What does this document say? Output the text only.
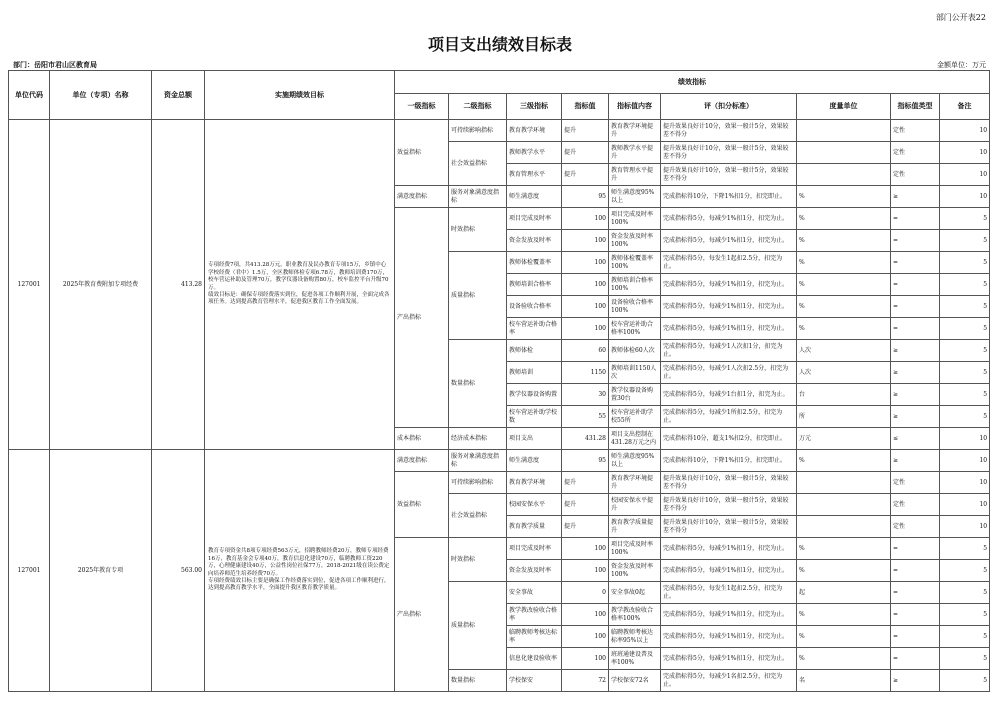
部门公开表22
项目支出绩效目标表
部门：岳阳市君山区教育局	金额单位：万元
单位代码	单位（专项）名称	资金总额	实施期绩效目标	绩效指标								
				一级指标	二级指标	三级指标	指标值	指标值内容	评（扣分标准）	度量单位	指标值类型	备注
127001	2025年教育费附加专项经费	413.28	专项经费7项，共413.28万元。职业教育及民办教育专项15万，乡镇中心学校经费（君中）1.5万，全区教师体检专项6.78万，教师培训费170万，校车营运补助及管理70万，教学仪器设备购置80万，校车监控平台升级70万。
绩效目标是：确保专项经费落实到位，促进各项工作顺利开展，全面完成各项任务。达到提高教育管理水平，促进我区教育工作全面发展。	效益指标	可持续影响指标	教育教学环境	提升	教育教学环境提升	提升效果良好计10分，效果一般计5分，效果较差不得分		定性	10
					社会效益指标	教师教学水平	提升	教师教学水平提升	提升效果良好计10分，效果一般计5分，效果较差不得分		定性	10
						教育管理水平	提升	教育管理水平提升	提升效果良好计10分，效果一般计5分，效果较差不得分		定性	10
				满意度指标	服务对象满意度指标	师生满意度	95	师生满意度95%以上	完成指标得10分，下降1%扣1分，扣完即止。	%	≥	10
				产出指标	时效指标	项目完成及时率	100	项目完成及时率100%	完成指标得5分，每减少1%扣1分，扣完为止。	%	=	5
						资金发放及时率	100	资金发放及时率100%	完成指标得5分，每减少1%扣1分，扣完为止。	%	=	5
					质量指标	教师体检覆盖率	100	教师体检覆盖率100%	完成指标得5分，每发生1起扣2.5分，扣完为止。	%	=	5
						教师培训合格率	100	教师培训合格率100%	完成指标得5分，每减少1%扣1分，扣完为止。	%	=	5
						设备验收合格率	100	设备验收合格率100%	完成指标得5分，每减少1%扣1分，扣完为止。	%	=	5
						校车营运补助合格率	100	校车营运补助合格率100%	完成指标得5分，每减少1%扣1分，扣完为止。	%	=	5
					数量指标	教师体检	60	教师体检60人次	完成指标得5分，每减少1人次扣1分，扣完为止。	人次	≥	5
						教师培训	1150	教师培训1150人次	完成指标得5分，每减少1人次扣2.5分，扣完为止。	人次	≥	5
						教学仪器设备购置	30	教学仪器设备购置30台	完成指标得5分，每减少1台扣1分，扣完为止。	台	≥	5
						校车营运补助学校数	55	校车营运补助学校55所	完成指标得5分，每减少1所扣2.5分，扣完为止。	所	≥	5
				成本指标	经济成本指标	项目支出	431.28	项目支出控制在431.28万元之内	完成指标得10分，超支1%扣2分，扣完即止。	万元	≤	10
127001	2025年教育专项	563.00	教育专项资金共8项专项经费563万元，招聘教师经费20万，教师专项经费16万，教育基金会专项40万，教育信息化建设70万，临聘教师工资220万，心理健康建设40万，公益性岗位社保77万，2018-2021级在读公费定向培养师范生培养经费70万。
专项经费绩效目标主要是确保工作经费落实到位，促进各项工作顺利进行，达到提高教育教学水平，全面提升我区教育教学质量。	满意度指标	服务对象满意度指标	师生满意度	95	师生满意度95%以上	完成指标得10分，下降1%扣1分，扣完即止。	%	≥	10
				效益指标	可持续影响指标	教育教学环境	提升	教育教学环境提升	提升效果良好计10分，效果一般计5分，效果较差不得分		定性	10
					社会效益指标	校园安保水平	提升	校园安保水平提升	提升效果良好计10分，效果一般计5分，效果较差不得分		定性	10
						教育教学质量	提升	教育教学质量提升	提升效果良好计10分，效果一般计5分，效果较差不得分		定性	10
				产出指标	时效指标	项目完成及时率	100	项目完成及时率100%	完成指标得5分，每减少1%扣1分，扣完为止。	%	=	5
						资金发放及时率	100	资金发放及时率100%	完成指标得5分，每减少1%扣1分，扣完为止。	%	=	5
					质量指标	安全事故	0	安全事故0起	完成指标得5分，每发生1起扣2.5分，扣完为止。	起	=	5
						教学教改验收合格率	100	教学教改验收合格率100%	完成指标得5分，每减少1%扣1分，扣完为止。	%	=	5
						临聘教师考核达标率	100	临聘教师考核达标率95%以上	完成指标得5分，每减少1%扣1分，扣完为止。	%	=	5
						信息化建设验收率	100	班班通建设普及率100%	完成指标得5分，每减少1%扣1分，扣完为止。	%	=	5
					数量指标	学校保安	72	学校保安72名	完成指标得5分，每减少1名扣2.5分，扣完为止。	名	≥	5
